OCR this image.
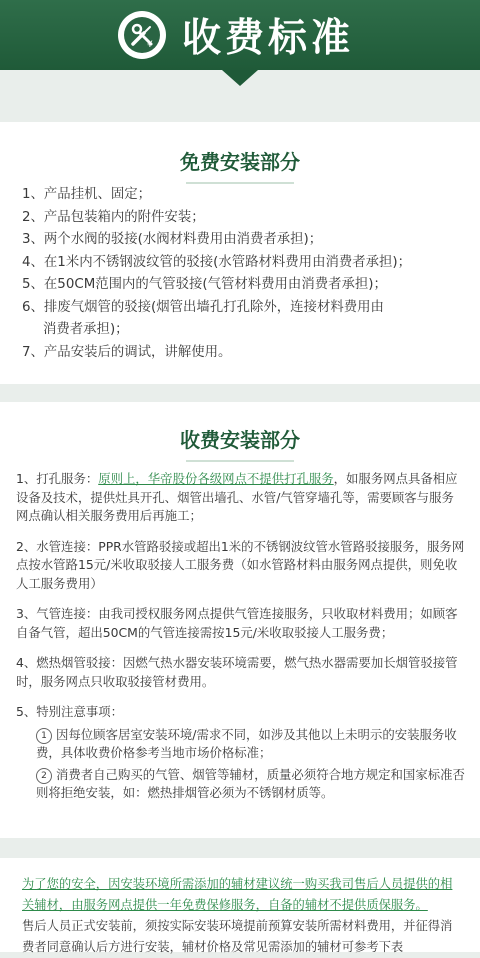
¥ 收费标准
免费安装部分
1、产品挂机、固定；
2、产品包装箱内的附件安装；
3、两个水阀的驳接(水阀材料费用由消费者承担)；
4、在1米内不锈钢波纹管的驳接(水管路材料费用由消费者承担)；
5、在50CM范围内的气管驳接(气管材料费用由消费者承担)；
6、排废气烟管的驳接(烟管出墙孔打孔除外，连接材料费用由
消费者承担)；
7、产品安装后的调试，讲解使用。
收费安装部分
1、打孔服务：原则上，华帝股份各级网点不提供打孔服务，如服务网点具备相应设备及技术，提供灶具开孔、烟管出墙孔、水管/气管穿墙孔等，需要顾客与服务网点确认相关服务费用后再施工；
2、水管连接：PPR水管路驳接或超出1米的不锈钢波纹管水管路驳接服务，服务网点按水管路15元/米收取驳接人工服务费（如水管路材料由服务网点提供，则免收人工服务费用）
3、气管连接：由我司授权服务网点提供气管连接服务，只收取材料费用；如顾客自备气管，超出50CM的气管连接需按15元/米收取驳接人工服务费；
4、燃热烟管驳接：因燃气热水器安装环境需要，燃气热水器需要加长烟管驳接管时，服务网点只收取驳接管材费用。
5、特别注意事项：
1 因每位顾客居室安装环境/需求不同，如涉及其他以上未明示的安装服务收费，具体收费价格参考当地市场价格标准；
2 消费者自己购买的气管、烟管等辅材，质量必须符合地方规定和国家标准否则将拒绝安装，如：燃热排烟管必须为不锈钢材质等。
为了您的安全，因安装环境所需添加的辅材建议统一购买我司售后人员提供的相关辅材，由服务网点提供一年免费保修服务，自备的辅材不提供质保服务。
售后人员正式安装前，须按实际安装环境提前预算安装所需材料费用，并征得消费者同意确认后方进行安装，辅材价格及常见需添加的辅材可参考下表
